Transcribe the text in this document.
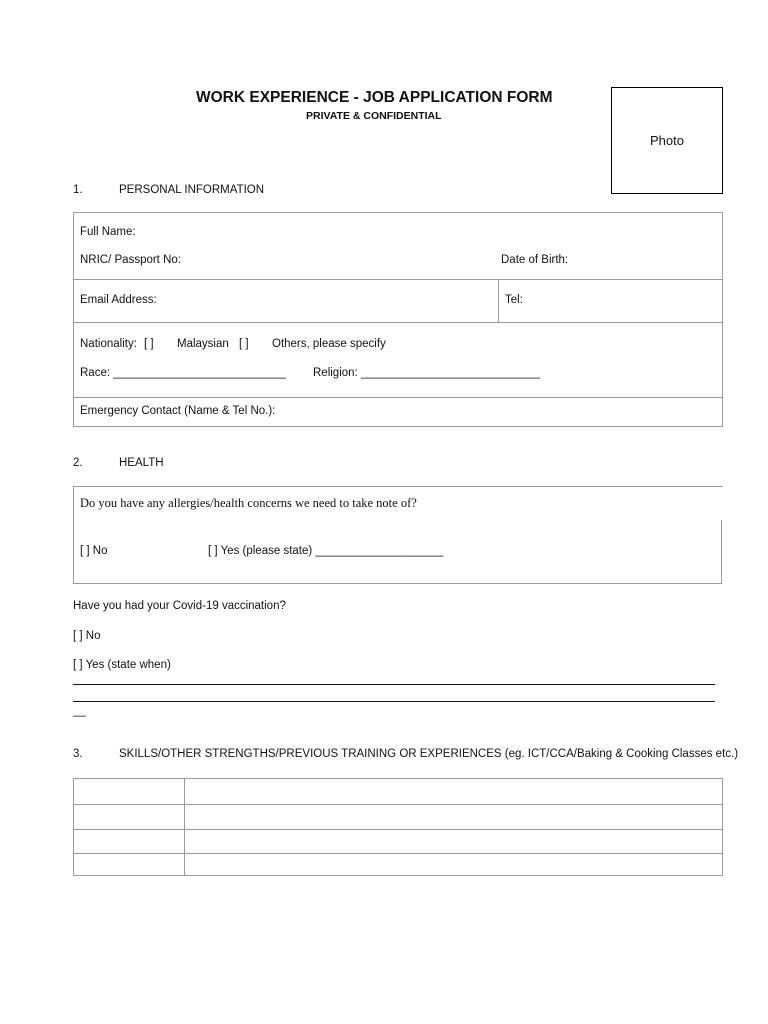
WORK EXPERIENCE - JOB APPLICATION FORM
PRIVATE & CONFIDENTIAL
Photo
1.	PERSONAL INFORMATION
Full Name:
NRIC/ Passport No:	Date of Birth:
Email Address:	Tel:
Nationality: [ ] Malaysian [ ] Others, please specify
Race: ___________________________ Religion: ____________________________
Emergency Contact (Name & Tel No.):
2.	HEALTH
Do you have any allergies/health concerns we need to take note of?
[ ] No	[ ] Yes (please state) ____________________
Have you had your Covid-19 vaccination?
[ ] No
[ ] Yes (state when)
__
3.	SKILLS/OTHER STRENGTHS/PREVIOUS TRAINING OR EXPERIENCES (eg. ICT/CCA/Baking & Cooking Classes etc.)
